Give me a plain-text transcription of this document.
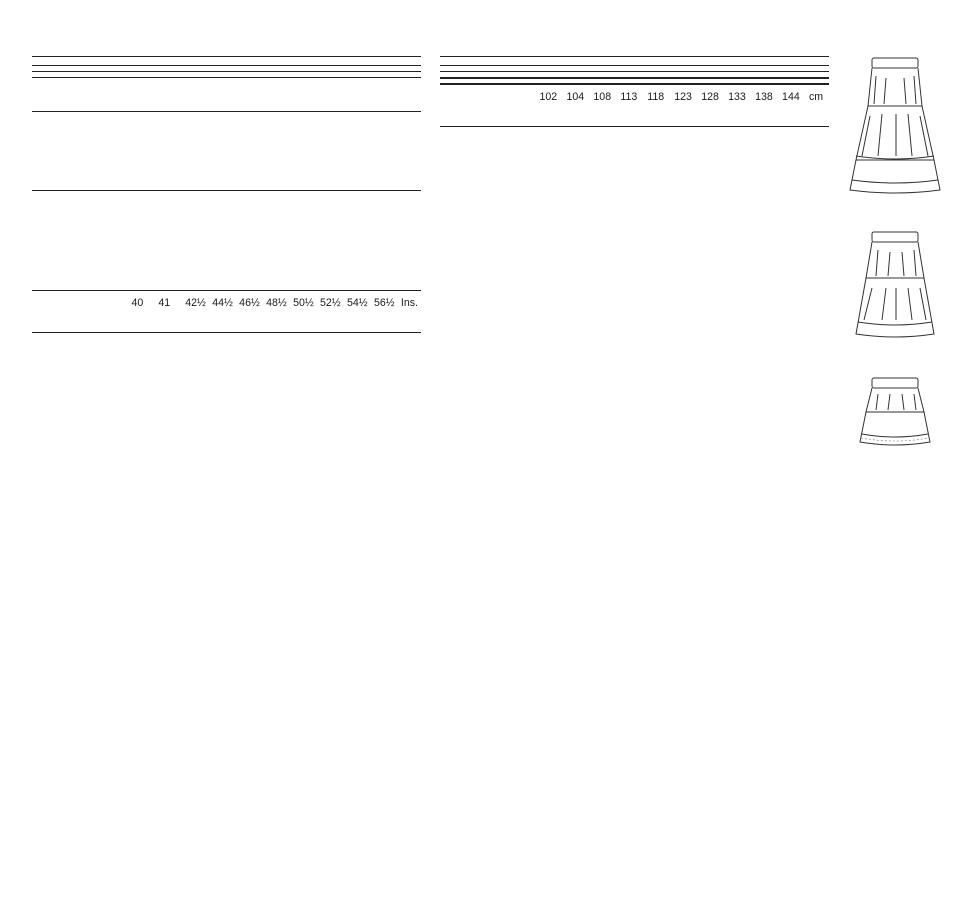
	40	41	42½	44½	46½	48½	50½	52½	54½	56½	Ins.
	102	104	108	113	118	123	128	133	138	144	cm
